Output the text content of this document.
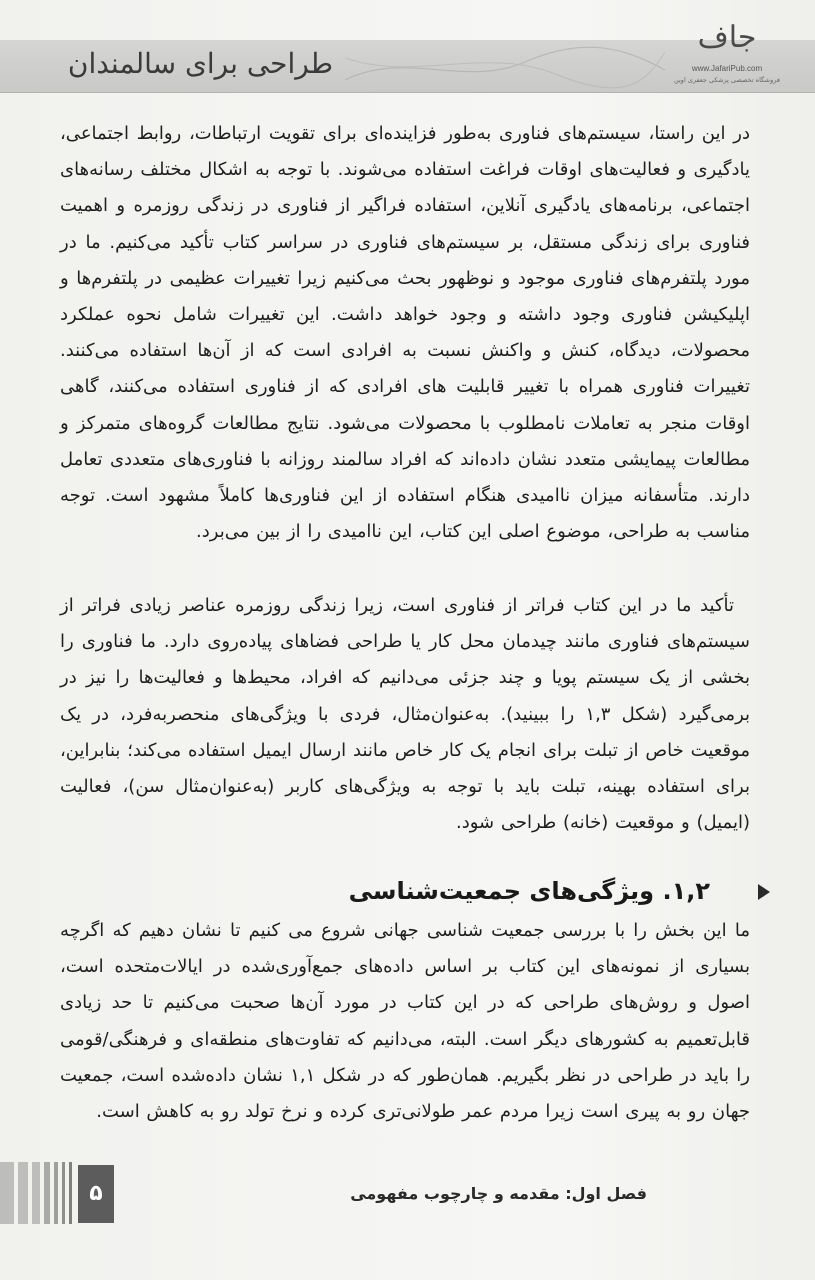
طراحی برای سالمندان
جاف
www.JafariPub.com
فروشگاه تخصصی پزشکی جعفری اوین
در این راستا، سیستم‌های فناوری به‌طور فزاینده‌ای برای تقویت ارتباطات، روابط اجتماعی، یادگیری و فعالیت‌های اوقات فراغت استفاده می‌شوند. با توجه به اشکال مختلف رسانه‌های اجتماعی، برنامه‌های یادگیری آنلاین، استفاده فراگیر از فناوری در زندگی روزمره و اهمیت فناوری برای زندگی مستقل، بر سیستم‌های فناوری در سراسر کتاب تأکید می‌کنیم. ما در مورد پلتفرم‌های فناوری موجود و نوظهور بحث می‌کنیم زیرا تغییرات عظیمی در پلتفرم‌ها و اپلیکیشن فناوری وجود داشته و وجود خواهد داشت. این تغییرات شامل نحوه عملکرد محصولات، دیدگاه، کنش و واکنش نسبت به افرادی است که از آن‌ها استفاده می‌کنند. تغییرات فناوری همراه با تغییر قابلیت های افرادی که از فناوری استفاده می‌کنند، گاهی اوقات منجر به تعاملات نامطلوب با محصولات می‌شود. نتایج مطالعات گروه‌های متمرکز و مطالعات پیمایشی متعدد نشان داده‌اند که افراد سالمند روزانه با فناوری‌های متعددی تعامل دارند. متأسفانه میزان ناامیدی هنگام استفاده از این فناوری‌ها کاملاً مشهود است. توجه مناسب به طراحی، موضوع اصلی این کتاب، این ناامیدی را از بین می‌برد.
تأکید ما در این کتاب فراتر از فناوری است، زیرا زندگی روزمره عناصر زیادی فراتر از سیستم‌های فناوری مانند چیدمان محل کار یا طراحی فضاهای پیاده‌روی دارد. ما فناوری را بخشی از یک سیستم پویا و چند جزئی می‌دانیم که افراد، محیط‌ها و فعالیت‌ها را نیز در برمی‌گیرد (شکل ۱,۳ را ببینید). به‌عنوان‌مثال، فردی با ویژگی‌های منحصربه‌فرد، در یک موقعیت خاص از تبلت برای انجام یک کار خاص مانند ارسال ایمیل استفاده می‌کند؛ بنابراین، برای استفاده بهینه، تبلت باید با توجه به ویژگی‌های کاربر (به‌عنوان‌مثال سن)، فعالیت (ایمیل) و موقعیت (خانه) طراحی شود.
۱,۲. ویژگی‌های جمعیت‌شناسی
ما این بخش را با بررسی جمعیت شناسی جهانی شروع می کنیم تا نشان دهیم که اگرچه بسیاری از نمونه‌های این کتاب بر اساس داده‌های جمع‌آوری‌شده در ایالات‌متحده است، اصول و روش‌های طراحی که در این کتاب در مورد آن‌ها صحبت می‌کنیم تا حد زیادی قابل‌تعمیم به کشورهای دیگر است. البته، می‌دانیم که تفاوت‌های منطقه‌ای و فرهنگی/قومی را باید در طراحی در نظر بگیریم. همان‌طور که در شکل ۱,۱ نشان داده‌شده است، جمعیت جهان رو به پیری است زیرا مردم عمر طولانی‌تری کرده و نرخ تولد رو به کاهش است.
۵	فصل اول: مقدمه و چارچوب مفهومی
